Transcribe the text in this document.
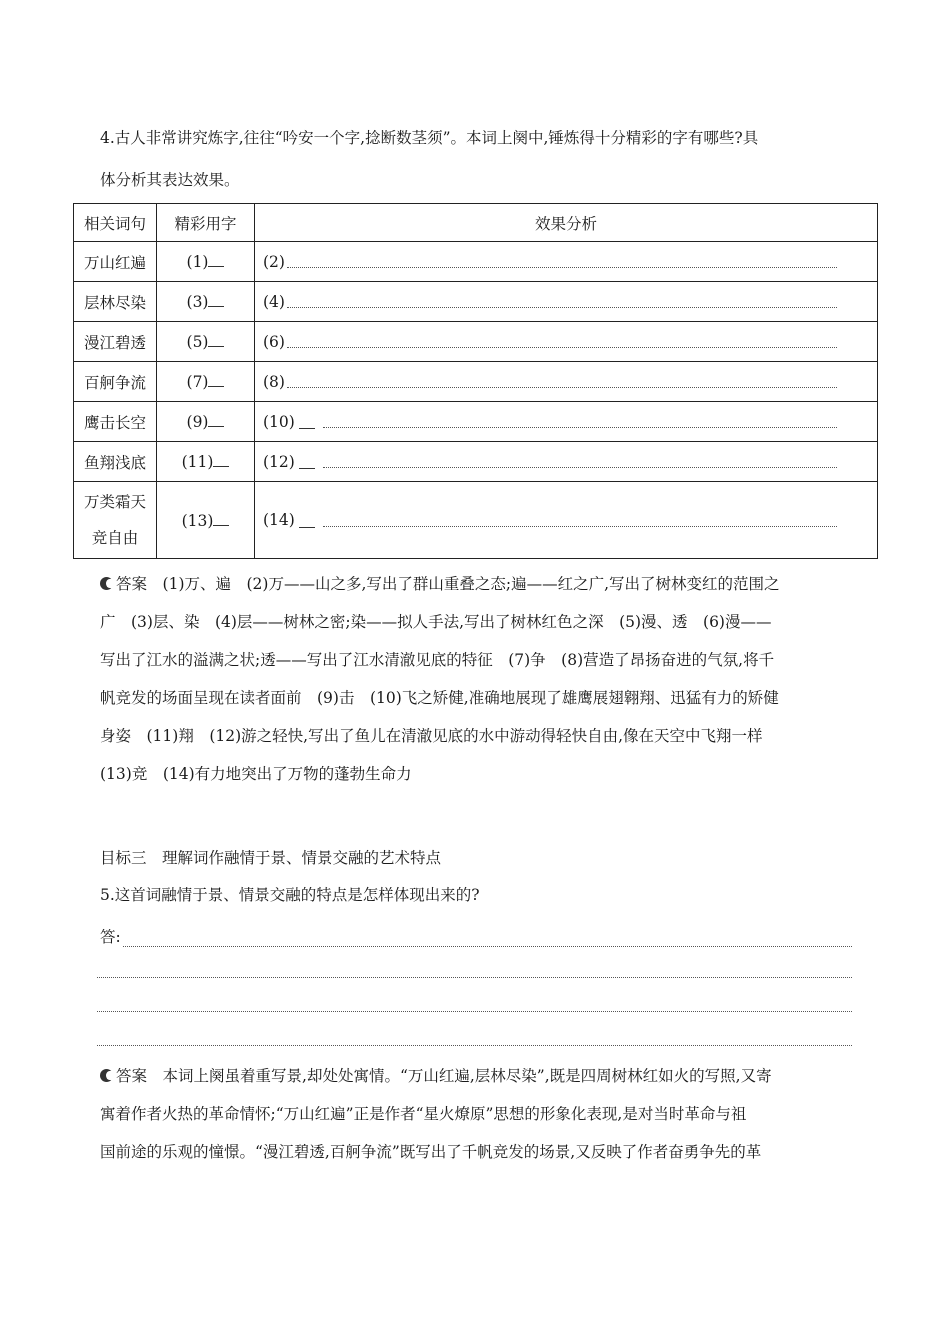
4.古人非常讲究炼字,往往“吟安一个字,捻断数茎须”。本词上阕中,锤炼得十分精彩的字有哪些?具
体分析其表达效果。
相关词句	精彩用字	效果分析
万山红遍	(1)	(2)

层林尽染	(3)	(4)

漫江碧透	(5)	(6)

百舸争流	(7)	(8)

鹰击长空	(9)	(10)

鱼翔浅底	(11)	(12)

万类霜天
竞自由	(13)	(14)
答案　 (1)万、遍　(2)万——山之多,写出了群山重叠之态;遍——红之广,写出了树林变红的范围之
广　(3)层、染　(4)层——树林之密;染——拟人手法,写出了树林红色之深　(5)漫、透　(6)漫——
写出了江水的溢满之状;透——写出了江水清澈见底的特征　(7)争　(8)营造了昂扬奋进的气氛,将千
帆竞发的场面呈现在读者面前　(9)击　(10)飞之矫健,准确地展现了雄鹰展翅翱翔、迅猛有力的矫健
身姿　(11)翔　(12)游之轻快,写出了鱼儿在清澈见底的水中游动得轻快自由,像在天空中飞翔一样
(13)竞　(14)有力地突出了万物的蓬勃生命力
目标三　理解词作融情于景、情景交融的艺术特点
5.这首词融情于景、情景交融的特点是怎样体现出来的?
答:
答案　 本词上阕虽着重写景,却处处寓情。“万山红遍,层林尽染”,既是四周树林红如火的写照,又寄
寓着作者火热的革命情怀;“万山红遍”正是作者“星火燎原”思想的形象化表现,是对当时革命与祖
国前途的乐观的憧憬。“漫江碧透,百舸争流”既写出了千帆竞发的场景,又反映了作者奋勇争先的革
